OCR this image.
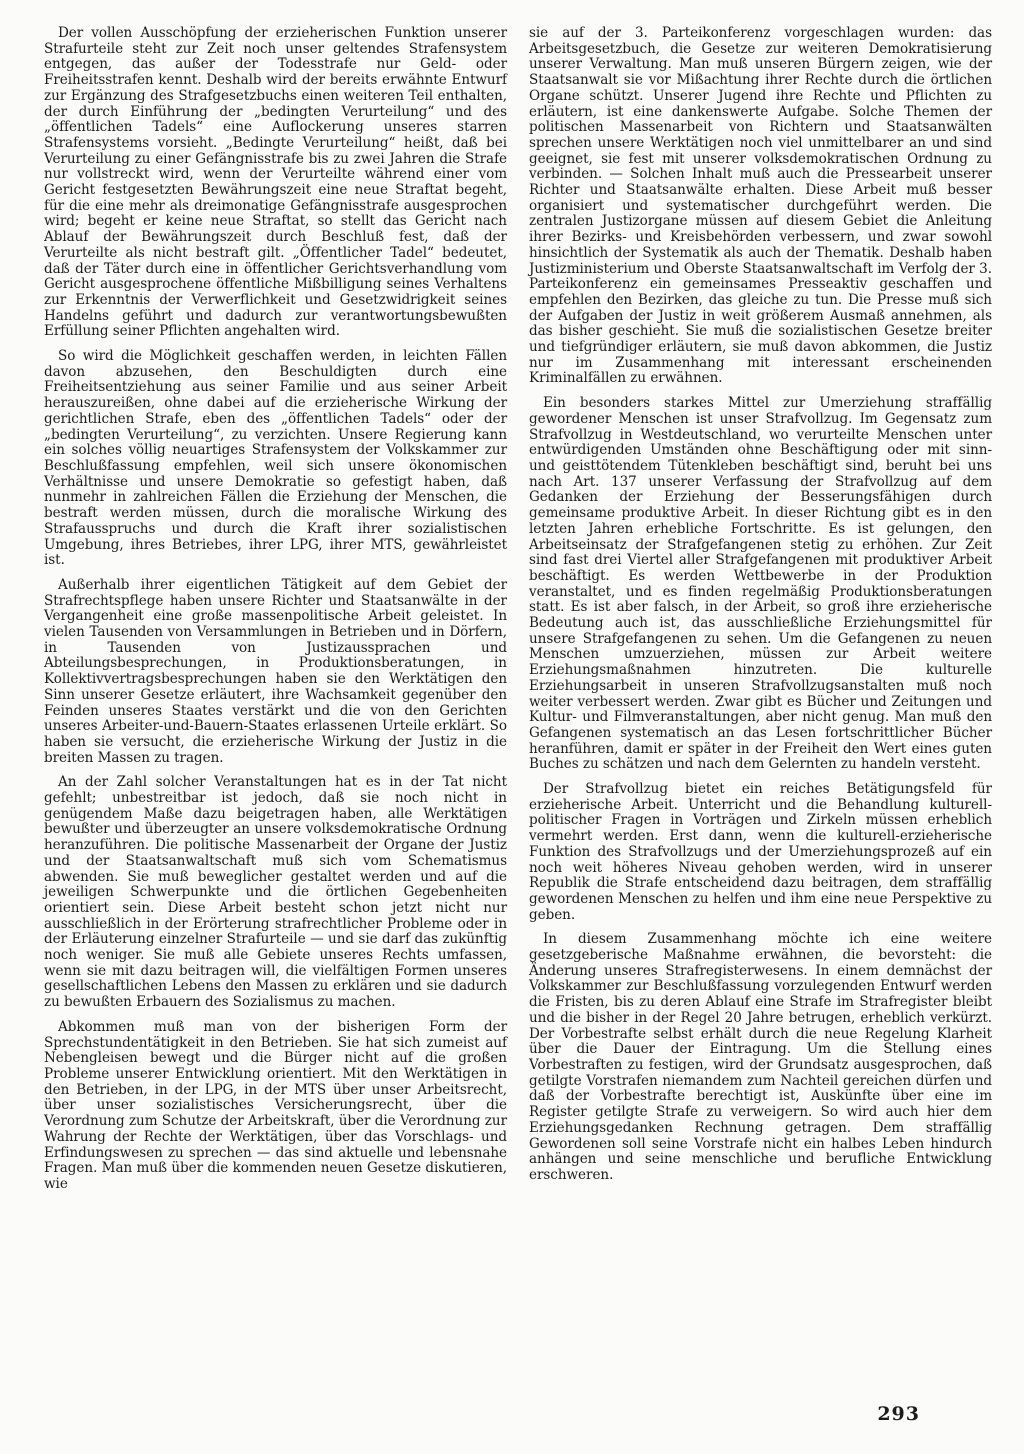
Der vollen Ausschöpfung der erzieherischen Funktion unserer Strafurteile steht zur Zeit noch unser geltendes Strafensystem entgegen, das außer der Todesstrafe nur Geld- oder Freiheitsstrafen kennt. Deshalb wird der bereits erwähnte Entwurf zur Ergänzung des Strafgesetzbuchs einen weiteren Teil enthalten, der durch Einführung der „bedingten Verurteilung“ und des „öffentlichen Tadels“ eine Auflockerung unseres starren Strafensystems vorsieht. „Bedingte Verurteilung“ heißt, daß bei Verurteilung zu einer Gefängnisstrafe bis zu zwei Jahren die Strafe nur vollstreckt wird, wenn der Verurteilte während einer vom Gericht festgesetzten Bewährungszeit eine neue Straftat begeht, für die eine mehr als dreimonatige Gefängnisstrafe ausgesprochen wird; begeht er keine neue Straftat, so stellt das Gericht nach Ablauf der Bewährungszeit durch Beschluß fest, daß der Verurteilte als nicht bestraft gilt. „Öffentlicher Tadel“ bedeutet, daß der Täter durch eine in öffentlicher Gerichtsverhandlung vom Gericht ausgesprochene öffentliche Mißbilligung seines Verhaltens zur Erkenntnis der Verwerflichkeit und Gesetzwidrigkeit seines Handelns geführt und dadurch zur verantwortungsbewußten Erfüllung seiner Pflichten angehalten wird.

So wird die Möglichkeit geschaffen werden, in leichten Fällen davon abzusehen, den Beschuldigten durch eine Freiheitsentziehung aus seiner Familie und aus seiner Arbeit herauszureißen, ohne dabei auf die erzieherische Wirkung der gerichtlichen Strafe, eben des „öffentlichen Tadels“ oder der „bedingten Verurteilung“, zu verzichten. Unsere Regierung kann ein solches völlig neuartiges Strafensystem der Volkskammer zur Beschlußfassung empfehlen, weil sich unsere ökonomischen Verhältnisse und unsere Demokratie so gefestigt haben, daß nunmehr in zahlreichen Fällen die Erziehung der Menschen, die bestraft werden müssen, durch die moralische Wirkung des Strafausspruchs und durch die Kraft ihrer sozialistischen Umgebung, ihres Betriebes, ihrer LPG, ihrer MTS, gewährleistet ist.

Außerhalb ihrer eigentlichen Tätigkeit auf dem Gebiet der Strafrechtspflege haben unsere Richter und Staatsanwälte in der Vergangenheit eine große massenpolitische Arbeit geleistet. In vielen Tausenden von Versammlungen in Betrieben und in Dörfern, in Tausenden von Justizaussprachen und Abteilungsbesprechungen, in Produktionsberatungen, in Kollektivvertragsbesprechungen haben sie den Werktätigen den Sinn unserer Gesetze erläutert, ihre Wachsamkeit gegenüber den Feinden unseres Staates verstärkt und die von den Gerichten unseres Arbeiter-und-Bauern-Staates erlassenen Urteile erklärt. So haben sie versucht, die erzieherische Wirkung der Justiz in die breiten Massen zu tragen.

An der Zahl solcher Veranstaltungen hat es in der Tat nicht gefehlt; unbestreitbar ist jedoch, daß sie noch nicht in genügendem Maße dazu beigetragen haben, alle Werktätigen bewußter und überzeugter an unsere volksdemokratische Ordnung heranzuführen. Die politische Massenarbeit der Organe der Justiz und der Staatsanwaltschaft muß sich vom Schematismus abwenden. Sie muß beweglicher gestaltet werden und auf die jeweiligen Schwerpunkte und die örtlichen Gegebenheiten orientiert sein. Diese Arbeit besteht schon jetzt nicht nur ausschließlich in der Erörterung strafrechtlicher Probleme oder in der Erläuterung einzelner Strafurteile — und sie darf das zukünftig noch weniger. Sie muß alle Gebiete unseres Rechts umfassen, wenn sie mit dazu beitragen will, die vielfältigen Formen unseres gesellschaftlichen Lebens den Massen zu erklären und sie dadurch zu bewußten Erbauern des Sozialismus zu machen.

Abkommen muß man von der bisherigen Form der Sprechstundentätigkeit in den Betrieben. Sie hat sich zumeist auf Nebengleisen bewegt und die Bürger nicht auf die großen Probleme unserer Entwicklung orientiert. Mit den Werktätigen in den Betrieben, in der LPG, in der MTS über unser Arbeitsrecht, über unser sozialistisches Versicherungsrecht, über die Verordnung zum Schutze der Arbeitskraft, über die Verordnung zur Wahrung der Rechte der Werktätigen, über das Vorschlags- und Erfindungswesen zu sprechen — das sind aktuelle und lebensnahe Fragen. Man muß über die kommenden neuen Gesetze diskutieren, wie

sie auf der 3. Parteikonferenz vorgeschlagen wurden: das Arbeitsgesetzbuch, die Gesetze zur weiteren Demokratisierung unserer Verwaltung. Man muß unseren Bürgern zeigen, wie der Staatsanwalt sie vor Mißachtung ihrer Rechte durch die örtlichen Organe schützt. Unserer Jugend ihre Rechte und Pflichten zu erläutern, ist eine dankenswerte Aufgabe. Solche Themen der politischen Massenarbeit von Richtern und Staatsanwälten sprechen unsere Werktätigen noch viel unmittelbarer an und sind geeignet, sie fest mit unserer volksdemokratischen Ordnung zu verbinden. — Solchen Inhalt muß auch die Pressearbeit unserer Richter und Staatsanwälte erhalten. Diese Arbeit muß besser organisiert und systematischer durchgeführt werden. Die zentralen Justizorgane müssen auf diesem Gebiet die Anleitung ihrer Bezirks- und Kreisbehörden verbessern, und zwar sowohl hinsichtlich der Systematik als auch der Thematik. Deshalb haben Justizministerium und Oberste Staatsanwaltschaft im Verfolg der 3. Parteikonferenz ein gemeinsames Presseaktiv geschaffen und empfehlen den Bezirken, das gleiche zu tun. Die Presse muß sich der Aufgaben der Justiz in weit größerem Ausmaß annehmen, als das bisher geschieht. Sie muß die sozialistischen Gesetze breiter und tiefgründiger erläutern, sie muß davon abkommen, die Justiz nur im Zusammenhang mit interessant erscheinenden Kriminalfällen zu erwähnen.

Ein besonders starkes Mittel zur Umerziehung straffällig gewordener Menschen ist unser Strafvollzug. Im Gegensatz zum Strafvollzug in Westdeutschland, wo verurteilte Menschen unter entwürdigenden Umständen ohne Beschäftigung oder mit sinn- und geisttötendem Tütenkleben beschäftigt sind, beruht bei uns nach Art. 137 unserer Verfassung der Strafvollzug auf dem Gedanken der Erziehung der Besserungsfähigen durch gemeinsame produktive Arbeit. In dieser Richtung gibt es in den letzten Jahren erhebliche Fortschritte. Es ist gelungen, den Arbeitseinsatz der Strafgefangenen stetig zu erhöhen. Zur Zeit sind fast drei Viertel aller Strafgefangenen mit produktiver Arbeit beschäftigt. Es werden Wettbewerbe in der Produktion veranstaltet, und es finden regelmäßig Produktionsberatungen statt. Es ist aber falsch, in der Arbeit, so groß ihre erzieherische Bedeutung auch ist, das ausschließliche Erziehungsmittel für unsere Strafgefangenen zu sehen. Um die Gefangenen zu neuen Menschen umzuerziehen, müssen zur Arbeit weitere Erziehungsmaßnahmen hinzutreten. Die kulturelle Erziehungsarbeit in unseren Strafvollzugsanstalten muß noch weiter verbessert werden. Zwar gibt es Bücher und Zeitungen und Kultur- und Filmveranstaltungen, aber nicht genug. Man muß den Gefangenen systematisch an das Lesen fortschrittlicher Bücher heranführen, damit er später in der Freiheit den Wert eines guten Buches zu schätzen und nach dem Gelernten zu handeln versteht.

Der Strafvollzug bietet ein reiches Betätigungsfeld für erzieherische Arbeit. Unterricht und die Behandlung kulturell-politischer Fragen in Vorträgen und Zirkeln müssen erheblich vermehrt werden. Erst dann, wenn die kulturell-erzieherische Funktion des Strafvollzugs und der Umerziehungsprozeß auf ein noch weit höheres Niveau gehoben werden, wird in unserer Republik die Strafe entscheidend dazu beitragen, dem straffällig gewordenen Menschen zu helfen und ihm eine neue Perspektive zu geben.

In diesem Zusammenhang möchte ich eine weitere gesetzgeberische Maßnahme erwähnen, die bevorsteht: die Änderung unseres Strafregisterwesens. In einem demnächst der Volkskammer zur Beschlußfassung vorzulegenden Entwurf werden die Fristen, bis zu deren Ablauf eine Strafe im Strafregister bleibt und die bisher in der Regel 20 Jahre betrugen, erheblich verkürzt. Der Vorbestrafte selbst erhält durch die neue Regelung Klarheit über die Dauer der Eintragung. Um die Stellung eines Vorbestraften zu festigen, wird der Grundsatz ausgesprochen, daß getilgte Vorstrafen niemandem zum Nachteil gereichen dürfen und daß der Vorbestrafte berechtigt ist, Auskünfte über eine im Register getilgte Strafe zu verweigern. So wird auch hier dem Erziehungsgedanken Rechnung getragen. Dem straffällig Gewordenen soll seine Vorstrafe nicht ein halbes Leben hindurch anhängen und seine menschliche und berufliche Entwicklung erschweren.

293
